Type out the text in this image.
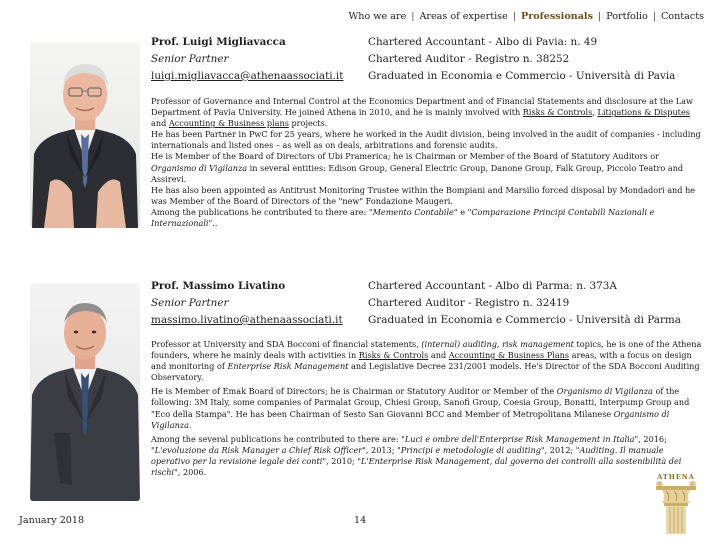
Who we are | Areas of expertise | Professionals | Portfolio | Contacts
Prof. Luigi Migliavacca
Senior Partner
luigi.migliavacca@athenaassociati.it
Chartered Accountant - Albo di Pavia: n. 49
Chartered Auditor - Registro n. 38252
Graduated in Economia e Commercio - Università di Pavia

Professor of Governance and Internal Control at the Economics Department and of Financial Statements and disclosure at the Law Department of Pavia University. He joined Athena in 2010, and he is mainly involved with Risks & Controls, Litigations & Disputes and Accounting & Business plans projects.

He has been Partner in PwC for 25 years, where he worked in the Audit division, being involved in the audit of companies - including internationals and listed ones – as well as on deals, arbitrations and forensic audits.

He is Member of the Board of Directors of Ubi Pramerica; he is Chairman or Member of the Board of Statutory Auditors or Organismo di Vigilanza in several entities: Edison Group, General Electric Group, Danone Group, Falk Group, Piccolo Teatro and Assirevi.

He has also been appointed as Antitrust Monitoring Trustee within the Bompiani and Marsilio forced disposal by Mondadori and he was Member of the Board of Directors of the "new" Fondazione Maugeri.

Among the publications he contributed to there are: "Memento Contabile" e "Comparazione Principi Contabili Nazionali e Internazionali"..

Prof. Massimo Livatino
Senior Partner
massimo.livatino@athenaassociati.it
Chartered Accountant - Albo di Parma: n. 373A
Chartered Auditor - Registro n. 32419
Graduated in Economia e Commercio - Università di Parma

Professor at University and SDA Bocconi of financial statements, (internal) auditing, risk management topics, he is one of the Athena founders, where he mainly deals with activities in Risks & Controls and Accounting & Business Plans areas, with a focus on design and monitoring of Enterprise Risk Management and Legislative Decree 231/2001 models. He's Director of the SDA Bocconi Auditing Observatory.

He is Member of Emak Board of Directors; he is Chairman or Statutory Auditor or Member of the Organismo di Vigilanza of the following: 3M Italy, some companies of Parmalat Group, Chiesi Group, Sanofi Group, Coesia Group, Bonatti, Interpump Group and "Eco della Stampa". He has been Chairman of Sesto San Giovanni BCC and Member of Metropolitana Milanese Organismo di Vigilanza.

Among the several publications he contributed to there are: "Luci e ombre dell'Enterprise Risk Management in Italia", 2016; "L'evoluzione da Risk Manager a Chief Risk Officer", 2013; "Principi e metodologie di auditing", 2012; "Auditing. Il manuale operativo per la revisione legale dei conti", 2010; "L'Enterprise Risk Management, dal governo dei controlli alla sostenibilità dei rischi", 2006.	ATHENA
January 2018	14
